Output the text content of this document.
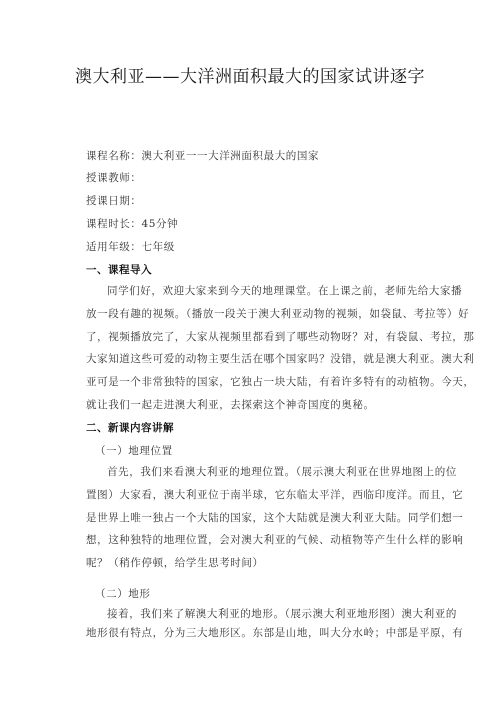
澳大利亚——大洋洲面积最大的国家试讲逐字
课程名称：澳大利亚一一大洋洲面积最大的国家
授课教师：
授课日期：
课程时长：45分钟
适用年级：七年级
一、课程导入
同学们好，欢迎大家来到今天的地理课堂。在上课之前，老师先给大家播
放一段有趣的视频。（播放一段关于澳大利亚动物的视频，如袋鼠、考拉等）好
了，视频播放完了，大家从视频里都看到了哪些动物呀？对，有袋鼠、考拉，那
大家知道这些可爱的动物主要生活在哪个国家吗？没错，就是澳大利亚。澳大利
亚可是一个非常独特的国家，它独占一块大陆，有着许多特有的动植物。今天，
就让我们一起走进澳大利亚，去探索这个神奇国度的奥秘。
二、新课内容讲解
（一）地理位置
首先，我们来看澳大利亚的地理位置。（展示澳大利亚在世界地图上的位
置图）大家看，澳大利亚位于南半球，它东临太平洋，西临印度洋。而且，它
是世界上唯一独占一个大陆的国家，这个大陆就是澳大利亚大陆。同学们想一
想，这种独特的地理位置，会对澳大利亚的气候、动植物等产生什么样的影响
呢？（稍作停顿，给学生思考时间）
（二）地形
接着，我们来了解澳大利亚的地形。（展示澳大利亚地形图）澳大利亚的
地形很有特点，分为三大地形区。东部是山地，叫大分水岭；中部是平原，有
